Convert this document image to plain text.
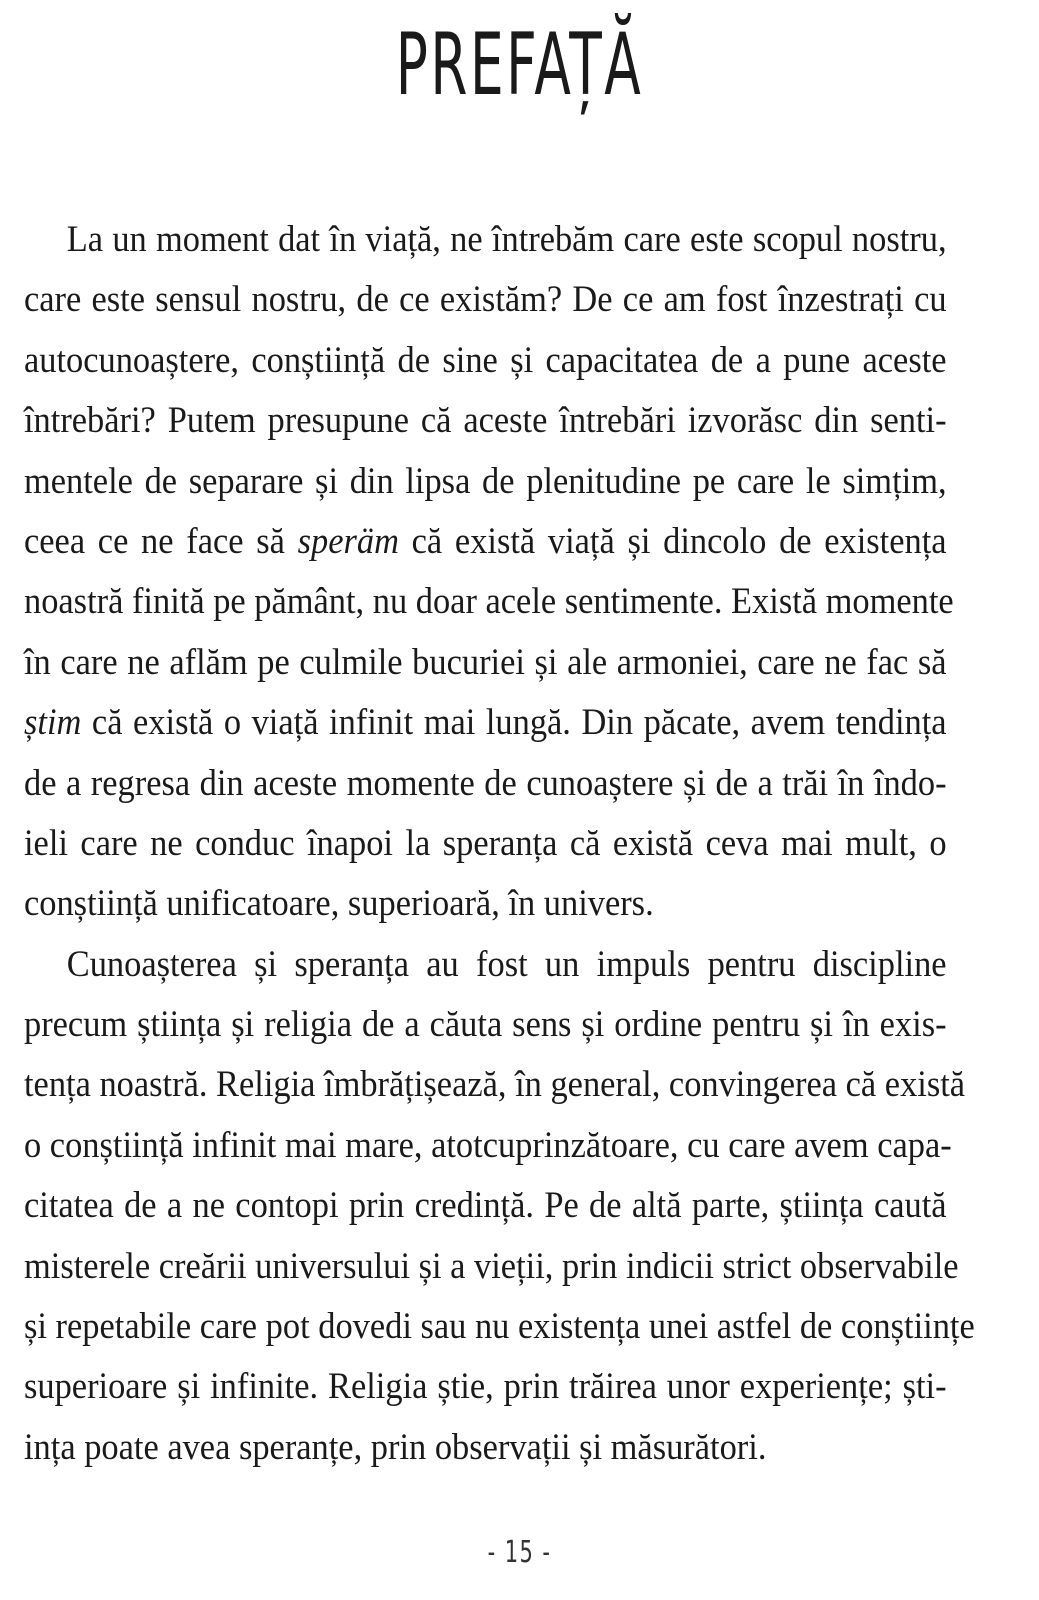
PREFAȚĂ
La un moment dat în viață, ne întrebăm care este scopul nostru,
care este sensul nostru, de ce existăm? De ce am fost înzestrați cu
autocunoaștere, conștiință de sine și capacitatea de a pune aceste
întrebări? Putem presupune că aceste întrebări izvorăsc din senti-
mentele de separare și din lipsa de plenitudine pe care le simțim,
ceea ce ne face să speräm că există viață și dincolo de existența
noastră finită pe pământ, nu doar acele sentimente. Există momente
în care ne aflăm pe culmile bucuriei și ale armoniei, care ne fac să
știm că există o viață infinit mai lungă. Din păcate, avem tendința
de a regresa din aceste momente de cunoaștere și de a trăi în îndo-
ieli care ne conduc înapoi la speranța că există ceva mai mult, o
conștiință unificatoare, superioară, în univers.
Cunoașterea și speranța au fost un impuls pentru discipline
precum știința și religia de a căuta sens și ordine pentru și în exis-
tența noastră. Religia îmbrățișează, în general, convingerea că există
o conștiință infinit mai mare, atotcuprinzătoare, cu care avem capa-
citatea de a ne contopi prin credință. Pe de altă parte, știința caută
misterele creării universului și a vieții, prin indicii strict observabile
și repetabile care pot dovedi sau nu existența unei astfel de conștiințe
superioare și infinite. Religia știe, prin trăirea unor experiențe; ști-
ința poate avea speranțe, prin observații și măsurători.
- 15 -
